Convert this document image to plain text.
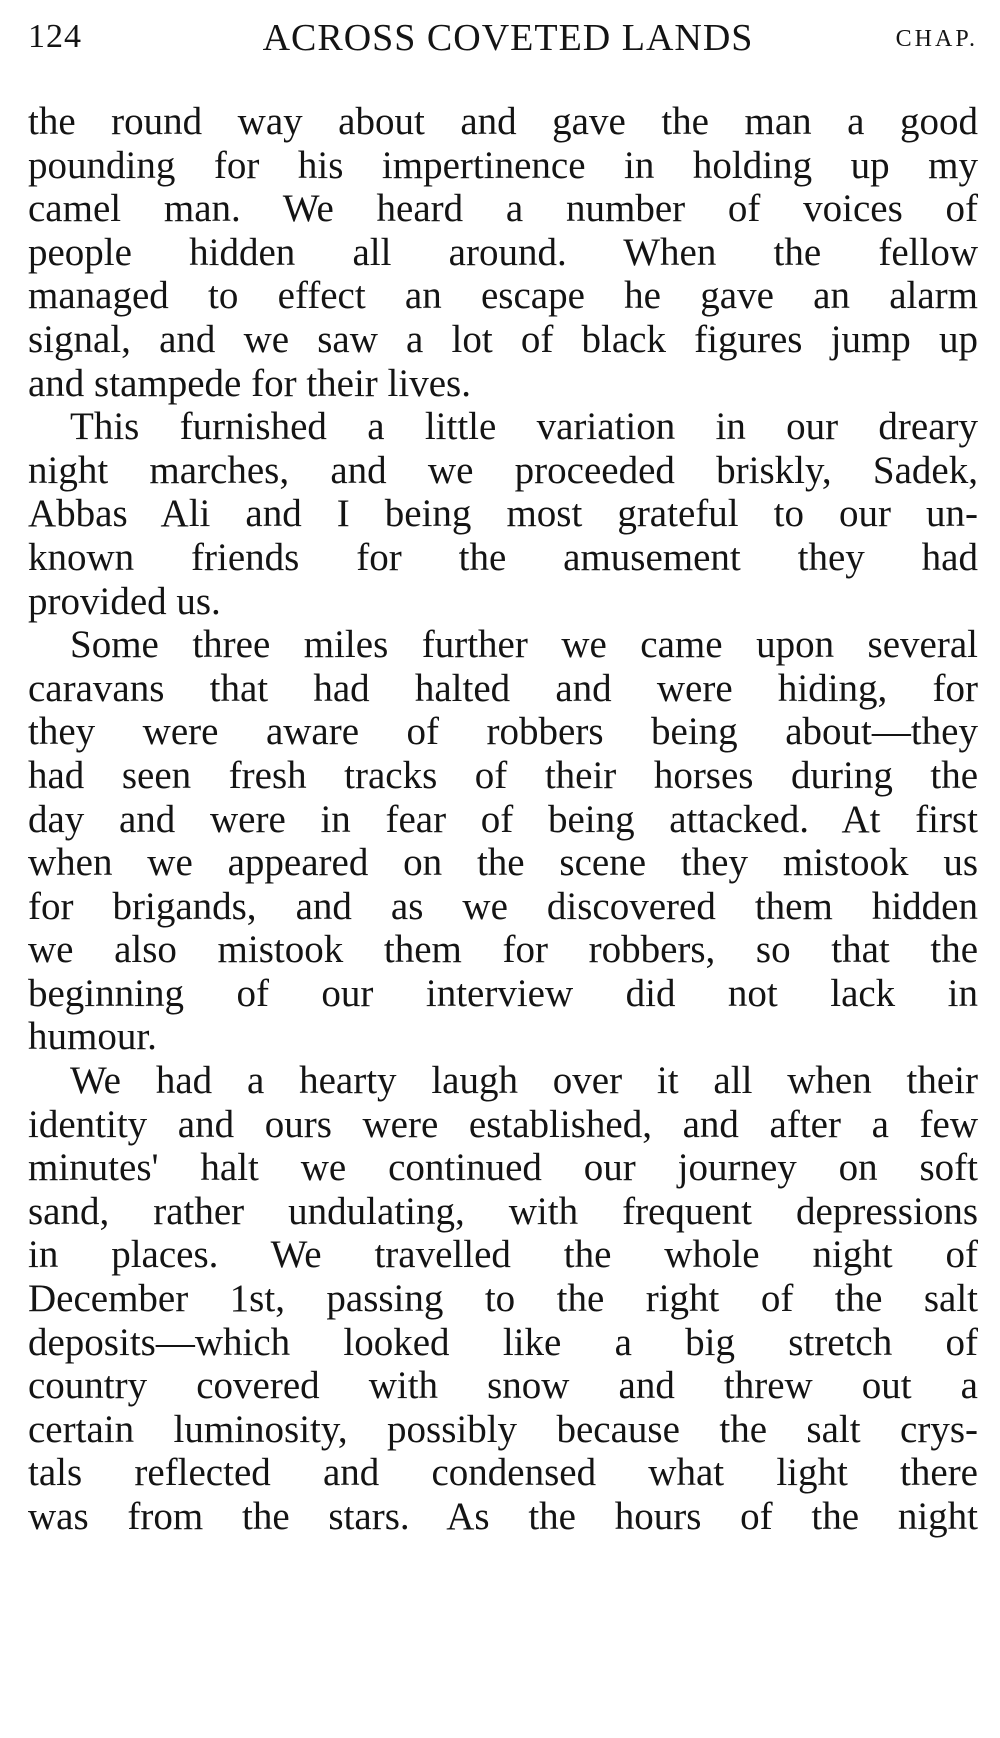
124	ACROSS COVETED LANDS	CHAP.
the round way about and gave the man a good
pounding for his impertinence in holding up my
camel man. We heard a number of voices of
people hidden all around. When the fellow
managed to effect an escape he gave an alarm
signal, and we saw a lot of black figures jump up
and stampede for their lives.
This furnished a little variation in our dreary
night marches, and we proceeded briskly, Sadek,
Abbas Ali and I being most grateful to our un-
known friends for the amusement they had
provided us.
Some three miles further we came upon several
caravans that had halted and were hiding, for
they were aware of robbers being about—they
had seen fresh tracks of their horses during the
day and were in fear of being attacked. At first
when we appeared on the scene they mistook us
for brigands, and as we discovered them hidden
we also mistook them for robbers, so that the
beginning of our interview did not lack in
humour.
We had a hearty laugh over it all when their
identity and ours were established, and after a few
minutes' halt we continued our journey on soft
sand, rather undulating, with frequent depressions
in places. We travelled the whole night of
December 1st, passing to the right of the salt
deposits—which looked like a big stretch of
country covered with snow and threw out a
certain luminosity, possibly because the salt crys-
tals reflected and condensed what light there
was from the stars. As the hours of the night
